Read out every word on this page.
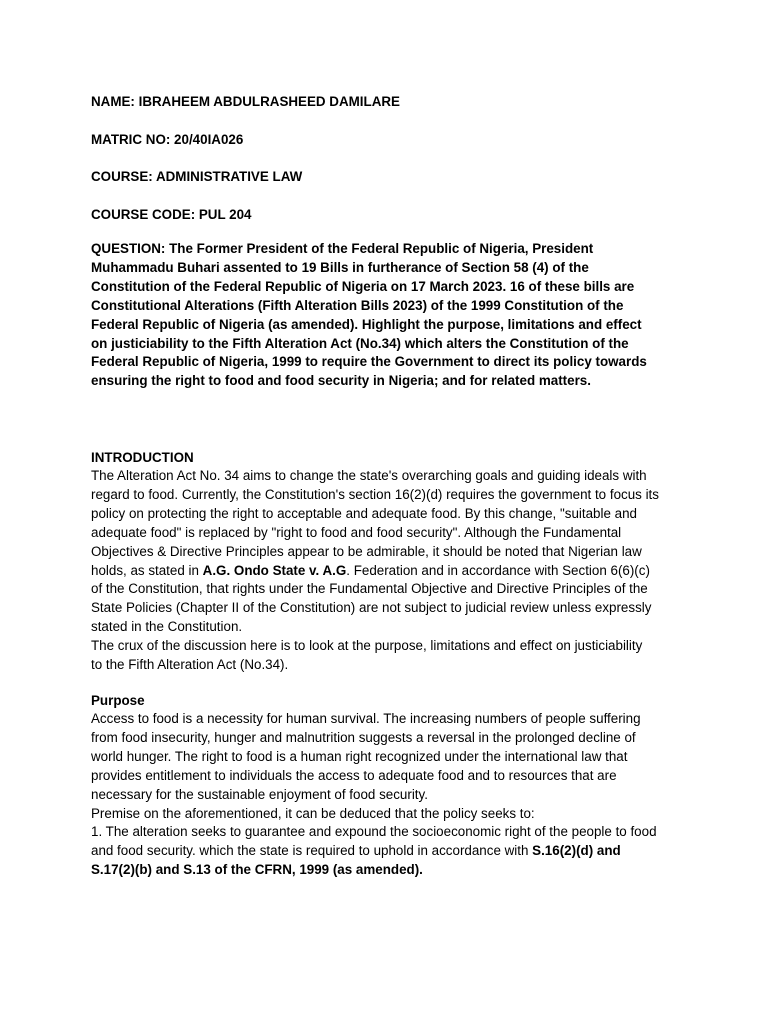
NAME: IBRAHEEM ABDULRASHEED DAMILARE
MATRIC NO: 20/40IA026
COURSE: ADMINISTRATIVE LAW
COURSE CODE: PUL 204
QUESTION: The Former President of the Federal Republic of Nigeria, President
Muhammadu Buhari assented to 19 Bills in furtherance of Section 58 (4) of the
Constitution of the Federal Republic of Nigeria on 17 March 2023. 16 of these bills are
Constitutional Alterations (Fifth Alteration Bills 2023) of the 1999 Constitution of the
Federal Republic of Nigeria (as amended). Highlight the purpose, limitations and effect
on justiciability to the Fifth Alteration Act (No.34) which alters the Constitution of the
Federal Republic of Nigeria, 1999 to require the Government to direct its policy towards
ensuring the right to food and food security in Nigeria; and for related matters.
INTRODUCTION
The Alteration Act No. 34 aims to change the state's overarching goals and guiding ideals with
regard to food. Currently, the Constitution's section 16(2)(d) requires the government to focus its
policy on protecting the right to acceptable and adequate food. By this change, "suitable and
adequate food" is replaced by "right to food and food security". Although the Fundamental
Objectives & Directive Principles appear to be admirable, it should be noted that Nigerian law
holds, as stated in A.G. Ondo State v. A.G. Federation and in accordance with Section 6(6)(c)
of the Constitution, that rights under the Fundamental Objective and Directive Principles of the
State Policies (Chapter II of the Constitution) are not subject to judicial review unless expressly
stated in the Constitution.
The crux of the discussion here is to look at the purpose, limitations and effect on justiciability
to the Fifth Alteration Act (No.34).
Purpose
Access to food is a necessity for human survival. The increasing numbers of people suffering
from food insecurity, hunger and malnutrition suggests a reversal in the prolonged decline of
world hunger. The right to food is a human right recognized under the international law that
provides entitlement to individuals the access to adequate food and to resources that are
necessary for the sustainable enjoyment of food security.
Premise on the aforementioned, it can be deduced that the policy seeks to:
1. The alteration seeks to guarantee and expound the socioeconomic right of the people to food
and food security. which the state is required to uphold in accordance with S.16(2)(d) and
S.17(2)(b) and S.13 of the CFRN, 1999 (as amended).
